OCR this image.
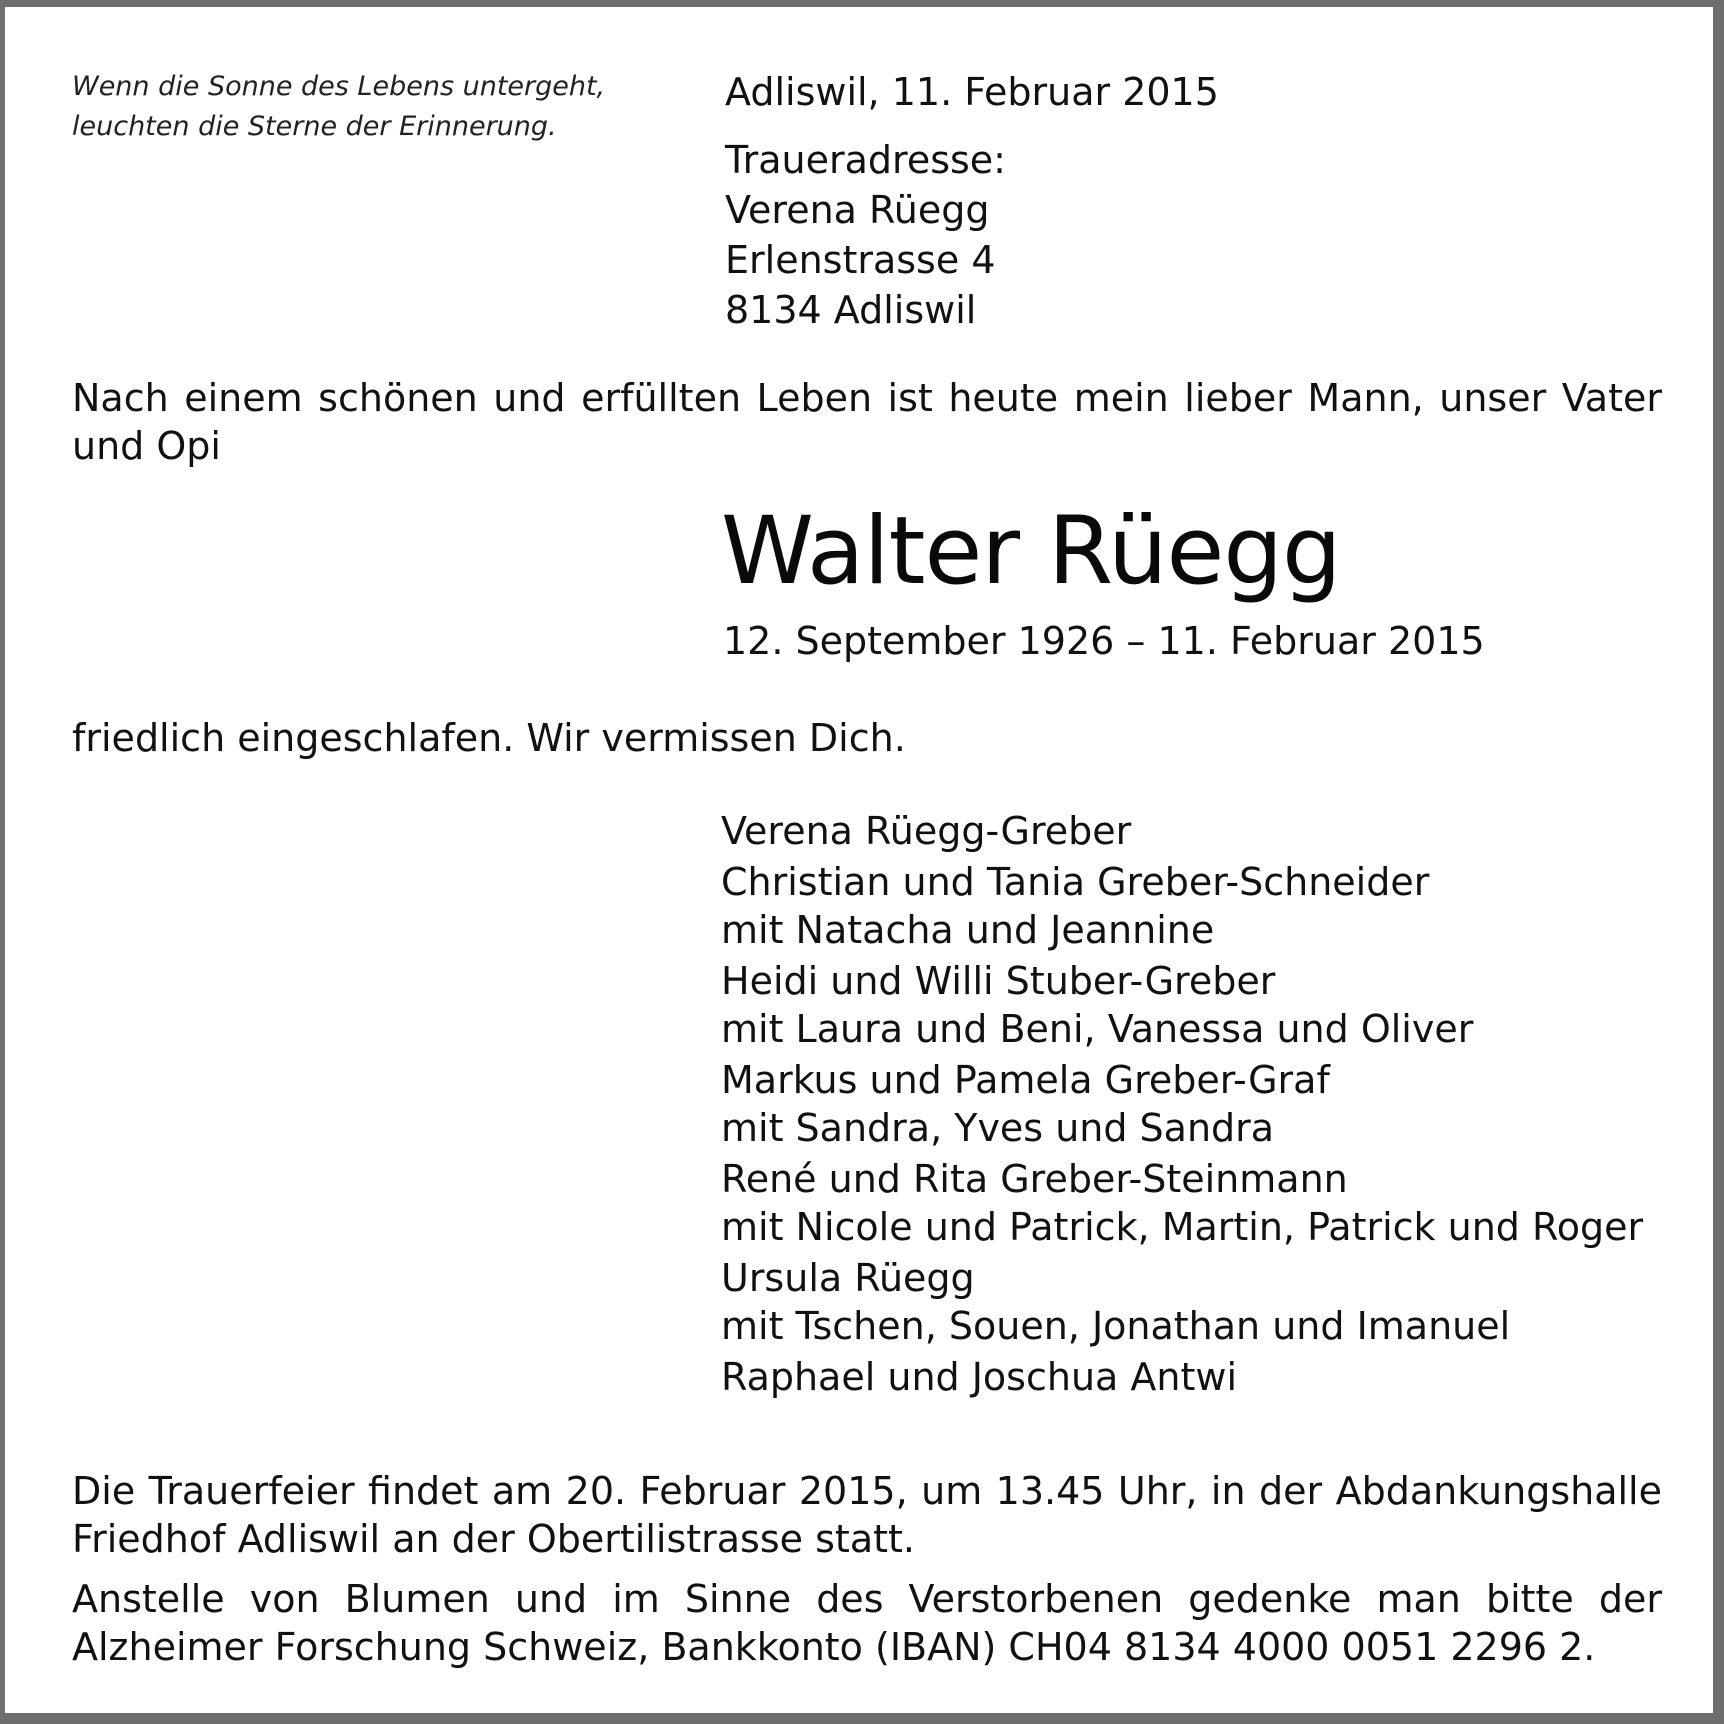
Wenn die Sonne des Lebens untergeht,
leuchten die Sterne der Erinnerung.
Adliswil, 11. Februar 2015
Traueradresse:
Verena Rüegg
Erlenstrasse 4
8134 Adliswil

Nach einem schönen und erfüllten Leben ist heute mein lieber Mann, unser Vater und Opi

Walter Rüegg
12. September 1926 – 11. Februar 2015
friedlich eingeschlafen. Wir vermissen Dich.
Verena Rüegg-Greber
Christian und Tania Greber-Schneider
mit Natacha und Jeannine
Heidi und Willi Stuber-Greber
mit Laura und Beni, Vanessa und Oliver
Markus und Pamela Greber-Graf
mit Sandra, Yves und Sandra
René und Rita Greber-Steinmann
mit Nicole und Patrick, Martin, Patrick und Roger
Ursula Rüegg
mit Tschen, Souen, Jonathan und Imanuel
Raphael und Joschua Antwi

Die Trauerfeier findet am 20. Februar 2015, um 13.45 Uhr, in der Abdankungshalle Friedhof Adliswil an der Obertilistrasse statt.

Anstelle von Blumen und im Sinne des Verstorbenen gedenke man bitte der Alzheimer Forschung Schweiz, Bankkonto (IBAN) CH04 8134 4000 0051 2296 2.
